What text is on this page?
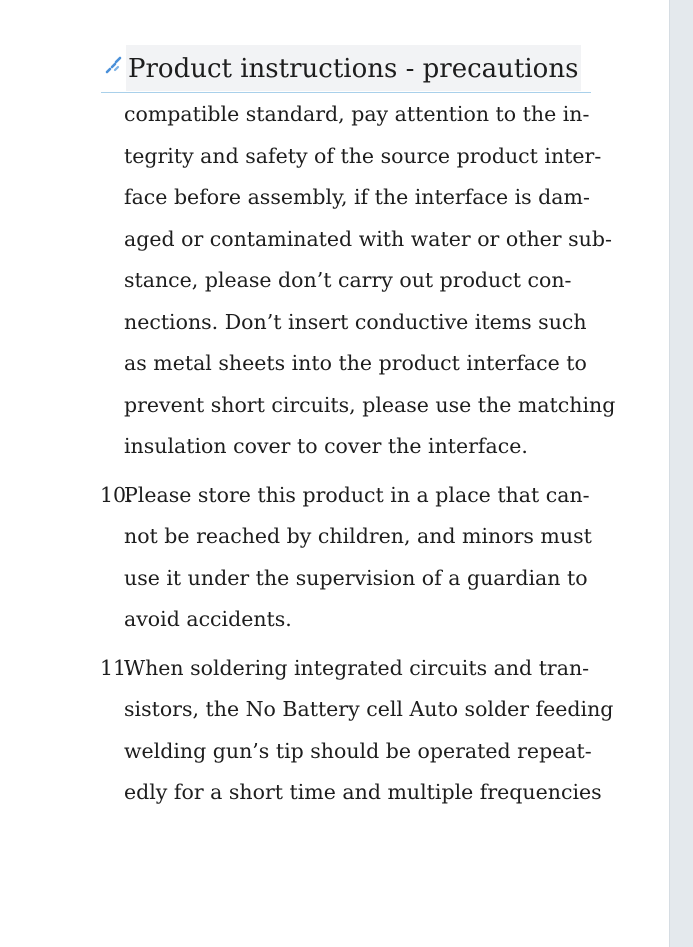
Product instructions - precautions
compatible standard, pay attention to the in-
tegrity and safety of the source product inter-
face before assembly, if the interface is dam-
aged or contaminated with water or other sub-
stance, please don’t carry out product con-
nections. Don’t insert conductive items such
as metal sheets into the product interface to
prevent short circuits, please use the matching
insulation cover to cover the interface.
10.
Please store this product in a place that can-
not be reached by children, and minors must
use it under the supervision of a guardian to
avoid accidents.
11.
When soldering integrated circuits and tran-
sistors, the No Battery cell Auto solder feeding
welding gun’s tip should be operated repeat-
edly for a short time and multiple frequencies
